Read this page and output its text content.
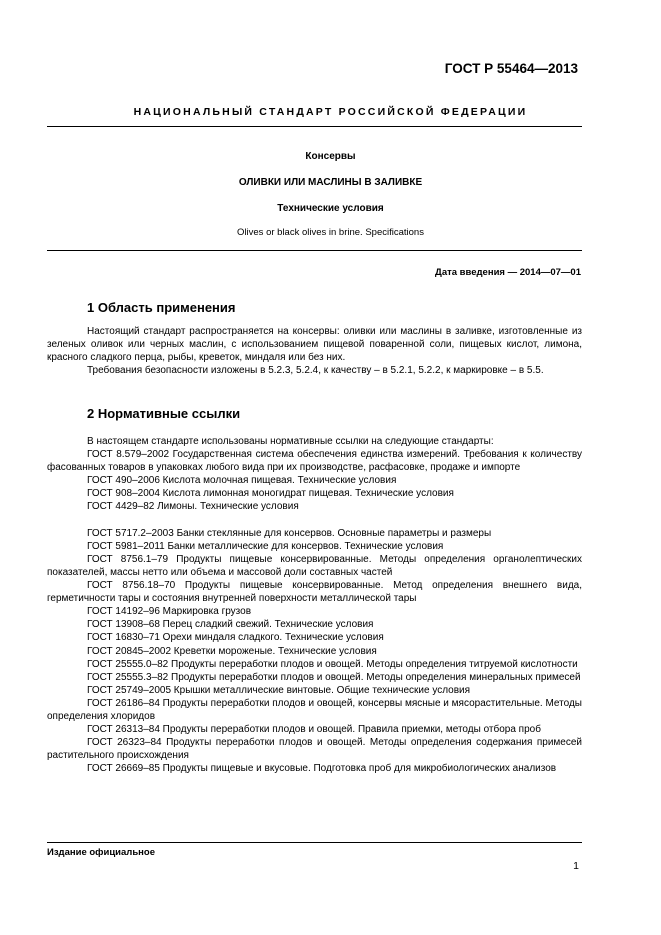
ГОСТ Р 55464—2013
НАЦИОНАЛЬНЫЙ СТАНДАРТ РОССИЙСКОЙ ФЕДЕРАЦИИ
Консервы
ОЛИВКИ ИЛИ МАСЛИНЫ В ЗАЛИВКЕ
Технические условия
Olives or black olives in brine. Specifications
Дата введения — 2014—07—01
1 Область применения

Настоящий стандарт распространяется на консервы: оливки или маслины в заливке, изготовленные из зеленых оливок или черных маслин, с использованием пищевой поваренной соли, пищевых кислот, лимона, красного сладкого перца, рыбы, креветок, миндаля или без них.

Требования безопасности изложены в 5.2.3, 5.2.4, к качеству – в 5.2.1, 5.2.2, к маркировке – в 5.5.

2 Нормативные ссылки

В настоящем стандарте использованы нормативные ссылки на следующие стандарты:

ГОСТ 8.579–2002 Государственная система обеспечения единства измерений. Требования к количеству фасованных товаров в упаковках любого вида при их производстве, расфасовке, продаже и импорте

ГОСТ 490–2006 Кислота молочная пищевая. Технические условия

ГОСТ 908–2004 Кислота лимонная моногидрат пищевая. Технические условия

ГОСТ 4429–82 Лимоны. Технические условия

ГОСТ 5717.2–2003 Банки стеклянные для консервов. Основные параметры и размеры

ГОСТ 5981–2011 Банки металлические для консервов. Технические условия

ГОСТ 8756.1–79 Продукты пищевые консервированные. Методы определения органолептических показателей, массы нетто или объема и массовой доли составных частей

ГОСТ 8756.18–70 Продукты пищевые консервированные. Метод определения внешнего вида, герметичности тары и состояния внутренней поверхности металлической тары

ГОСТ 14192–96 Маркировка грузов

ГОСТ 13908–68 Перец сладкий свежий. Технические условия

ГОСТ 16830–71 Орехи миндаля сладкого. Технические условия

ГОСТ 20845–2002 Креветки мороженые. Технические условия

ГОСТ 25555.0–82 Продукты переработки плодов и овощей. Методы определения титруемой кислотности

ГОСТ 25555.3–82 Продукты переработки плодов и овощей. Методы определения минеральных примесей

ГОСТ 25749–2005 Крышки металлические винтовые. Общие технические условия

ГОСТ 26186–84 Продукты переработки плодов и овощей, консервы мясные и мясорастительные. Методы определения хлоридов

ГОСТ 26313–84 Продукты переработки плодов и овощей. Правила приемки, методы отбора проб

ГОСТ 26323–84 Продукты переработки плодов и овощей. Методы определения содержания примесей растительного происхождения

ГОСТ 26669–85 Продукты пищевые и вкусовые. Подготовка проб для микробиологических анализов

Издание официальное
1
